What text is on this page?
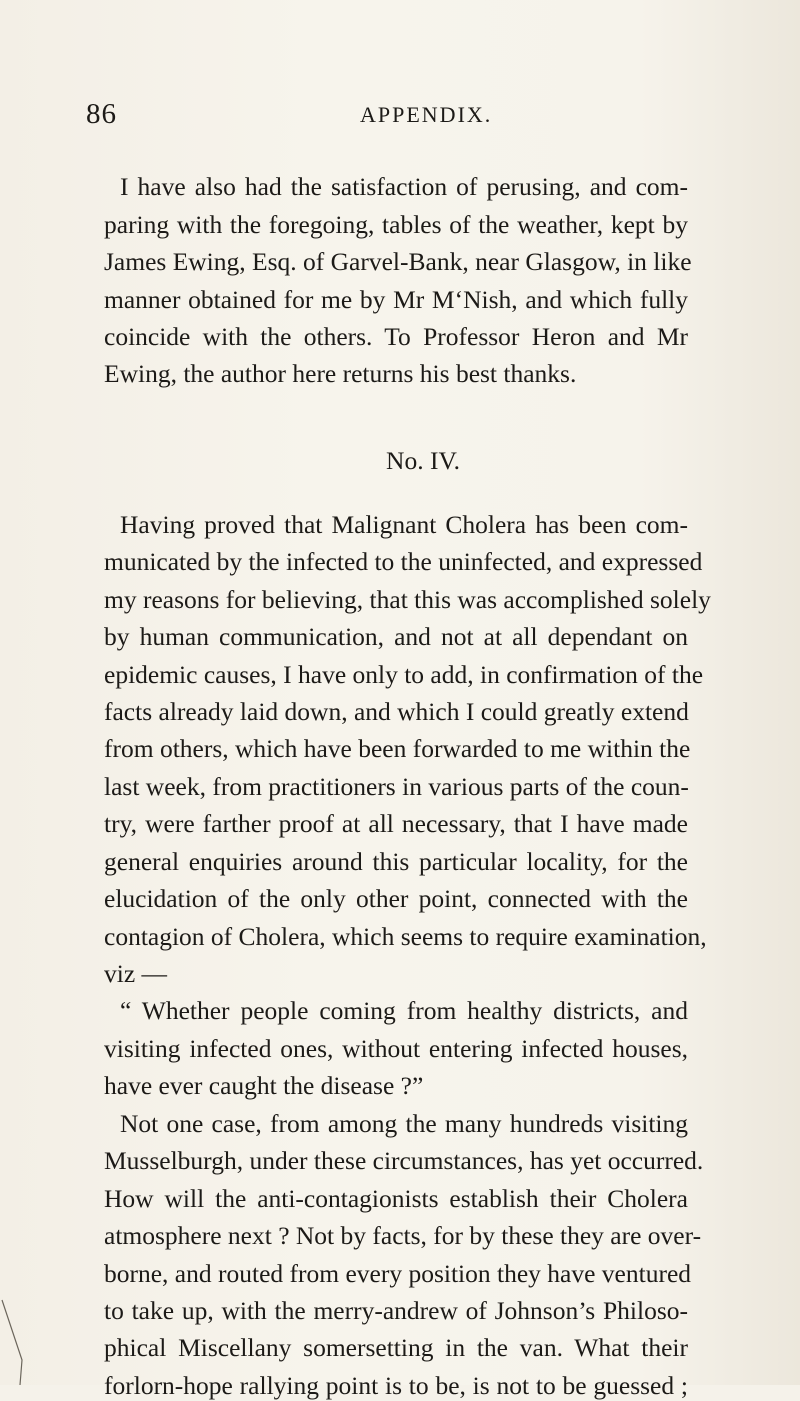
86	APPENDIX.
I have also had the satisfaction of perusing, and com-
paring with the foregoing, tables of the weather, kept by
James Ewing, Esq. of Garvel-Bank, near Glasgow, in like
manner obtained for me by Mr M‘Nish, and which fully
coincide with the others. To Professor Heron and Mr
Ewing, the author here returns his best thanks.
No. IV.
Having proved that Malignant Cholera has been com-
municated by the infected to the uninfected, and expressed
my reasons for believing, that this was accomplished solely
by human communication, and not at all dependant on
epidemic causes, I have only to add, in confirmation of the
facts already laid down, and which I could greatly extend
from others, which have been forwarded to me within the
last week, from practitioners in various parts of the coun-
try, were farther proof at all necessary, that I have made
general enquiries around this particular locality, for the
elucidation of the only other point, connected with the
contagion of Cholera, which seems to require examination,
viz —
“ Whether people coming from healthy districts, and
visiting infected ones, without entering infected houses,
have ever caught the disease ?”
Not one case, from among the many hundreds visiting
Musselburgh, under these circumstances, has yet occurred.
How will the anti-contagionists establish their Cholera
atmosphere next ? Not by facts, for by these they are over-
borne, and routed from every position they have ventured
to take up, with the merry-andrew of Johnson’s Philoso-
phical Miscellany somersetting in the van. What their
forlorn-hope rallying point is to be, is not to be guessed ;
